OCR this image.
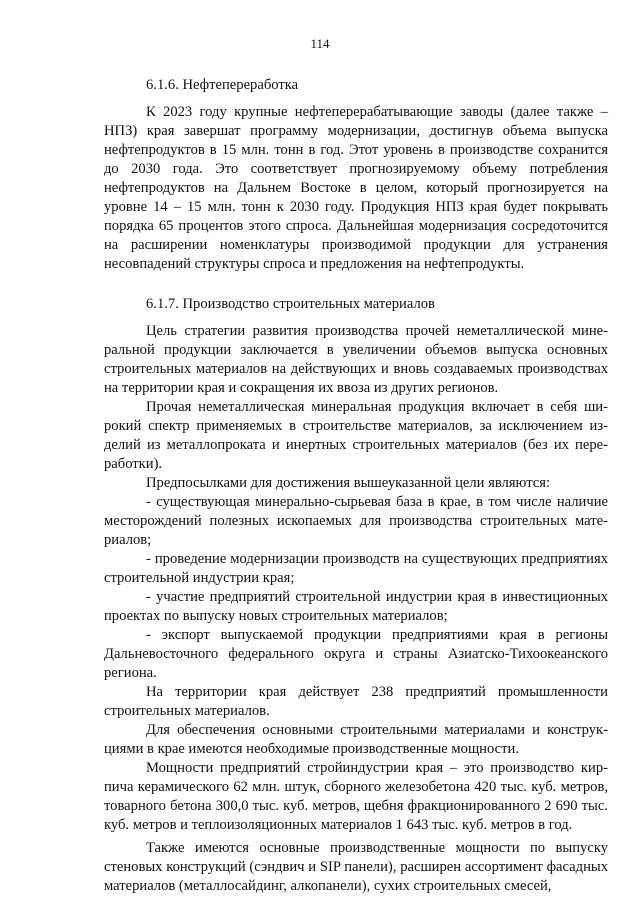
114
6.1.6. Нефтепереработка

К 2023 году крупные нефтеперерабатывающие заводы (далее также – НПЗ) края завершат программу модернизации, достигнув объема выпуска нефтепродуктов в 15 млн. тонн в год. Этот уровень в производстве сохранится до 2030 года. Это соответствует прогнозируемому объему потребления нефтепродуктов на Дальнем Востоке в целом, который прогнозируется на уровне 14 – 15 млн. тонн к 2030 году. Продукция НПЗ края будет покрывать порядка 65 процентов этого спроса. Дальнейшая модернизация сосредоточится на расширении номенклатуры производимой продукции для устранения несовпадений структуры спроса и предложения на нефтепродукты.

6.1.7. Производство строительных материалов

Цель стратегии развития производства прочей неметаллической минеральной продукции заключается в увеличении объемов выпуска основных строительных материалов на действующих и вновь создаваемых производствах на территории края и сокращения их ввоза из других регионов.

Прочая неметаллическая минеральная продукция включает в себя широкий спектр применяемых в строительстве материалов, за исключением изделий из металлопроката и инертных строительных материалов (без их переработки).

Предпосылками для достижения вышеуказанной цели являются:

- существующая минерально-сырьевая база в крае, в том числе наличие месторождений полезных ископаемых для производства строительных материалов;

- проведение модернизации производств на существующих предприятиях строительной индустрии края;

- участие предприятий строительной индустрии края в инвестиционных проектах по выпуску новых строительных материалов;

- экспорт выпускаемой продукции предприятиями края в регионы Дальневосточного федерального округа и страны Азиатско-Тихоокеанского региона.

На территории края действует 238 предприятий промышленности строительных материалов.

Для обеспечения основными строительными материалами и конструкциями в крае имеются необходимые производственные мощности.

Мощности предприятий стройиндустрии края – это производство кирпича керамического 62 млн. штук, сборного железобетона 420 тыс. куб. метров, товарного бетона 300,0 тыс. куб. метров, щебня фракционированного 2 690 тыс. куб. метров и теплоизоляционных материалов 1 643 тыс. куб. метров в год.

Также имеются основные производственные мощности по выпуску стеновых конструкций (сэндвич и SIP панели), расширен ассортимент фасадных материалов (металлосайдинг, алкопанели), сухих строительных смесей,
